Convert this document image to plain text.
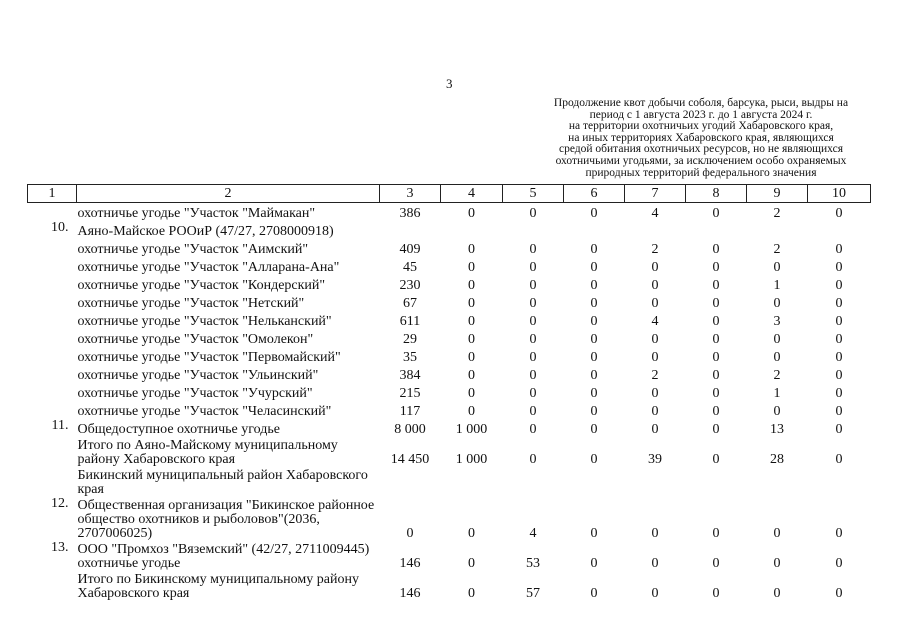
3
Продолжение квот добычи соболя, барсука, рыси, выдры на
период с 1 августа 2023 г. до 1 августа 2024 г.
на территории охотничьих угодий Хабаровского края,
на иных территориях Хабаровского края, являющихся
средой обитания охотничьих ресурсов, но не являющихся
охотничьими угодьями, за исключением особо охраняемых
природных территорий федерального значения
1	2	3	4	5	6	7	8	9	10
	охотничье угодье "Участок "Маймакан"	386	0	0	0	4	0	2	0
10.	Аяно-Майское РООиР (47/27, 2708000918)								
	охотничье угодье "Участок "Аимский"	409	0	0	0	2	0	2	0
	охотничье угодье "Участок "Алларана-Ана"	45	0	0	0	0	0	0	0
	охотничье угодье "Участок "Кондерский"	230	0	0	0	0	0	1	0
	охотничье угодье "Участок "Нетский"	67	0	0	0	0	0	0	0
	охотничье угодье "Участок "Нельканский"	611	0	0	0	4	0	3	0
	охотничье угодье "Участок "Омолекон"	29	0	0	0	0	0	0	0
	охотничье угодье "Участок "Первомайский"	35	0	0	0	0	0	0	0
	охотничье угодье "Участок "Ульинский"	384	0	0	0	2	0	2	0
	охотничье угодье "Участок "Учурский"	215	0	0	0	0	0	1	0
	охотничье угодье "Участок "Челасинский"	117	0	0	0	0	0	0	0
11.	Общедоступное охотничье угодье	8 000	1 000	0	0	0	0	13	0
	Итого по Аяно-Майскому муниципальному району Хабаровского края	14 450	1 000	0	0	39	0	28	0
	Бикинский муниципальный район Хабаровского края								
12.	Общественная организация "Бикинское районное общество охотников и рыболовов"(2036, 2707006025)	0	0	4	0	0	0	0	0
13.	ООО "Промхоз "Вяземский" (42/27, 2711009445) охотничье угодье	146	0	53	0	0	0	0	0
	Итого по Бикинскому муниципальному району Хабаровского края	146	0	57	0	0	0	0	0
